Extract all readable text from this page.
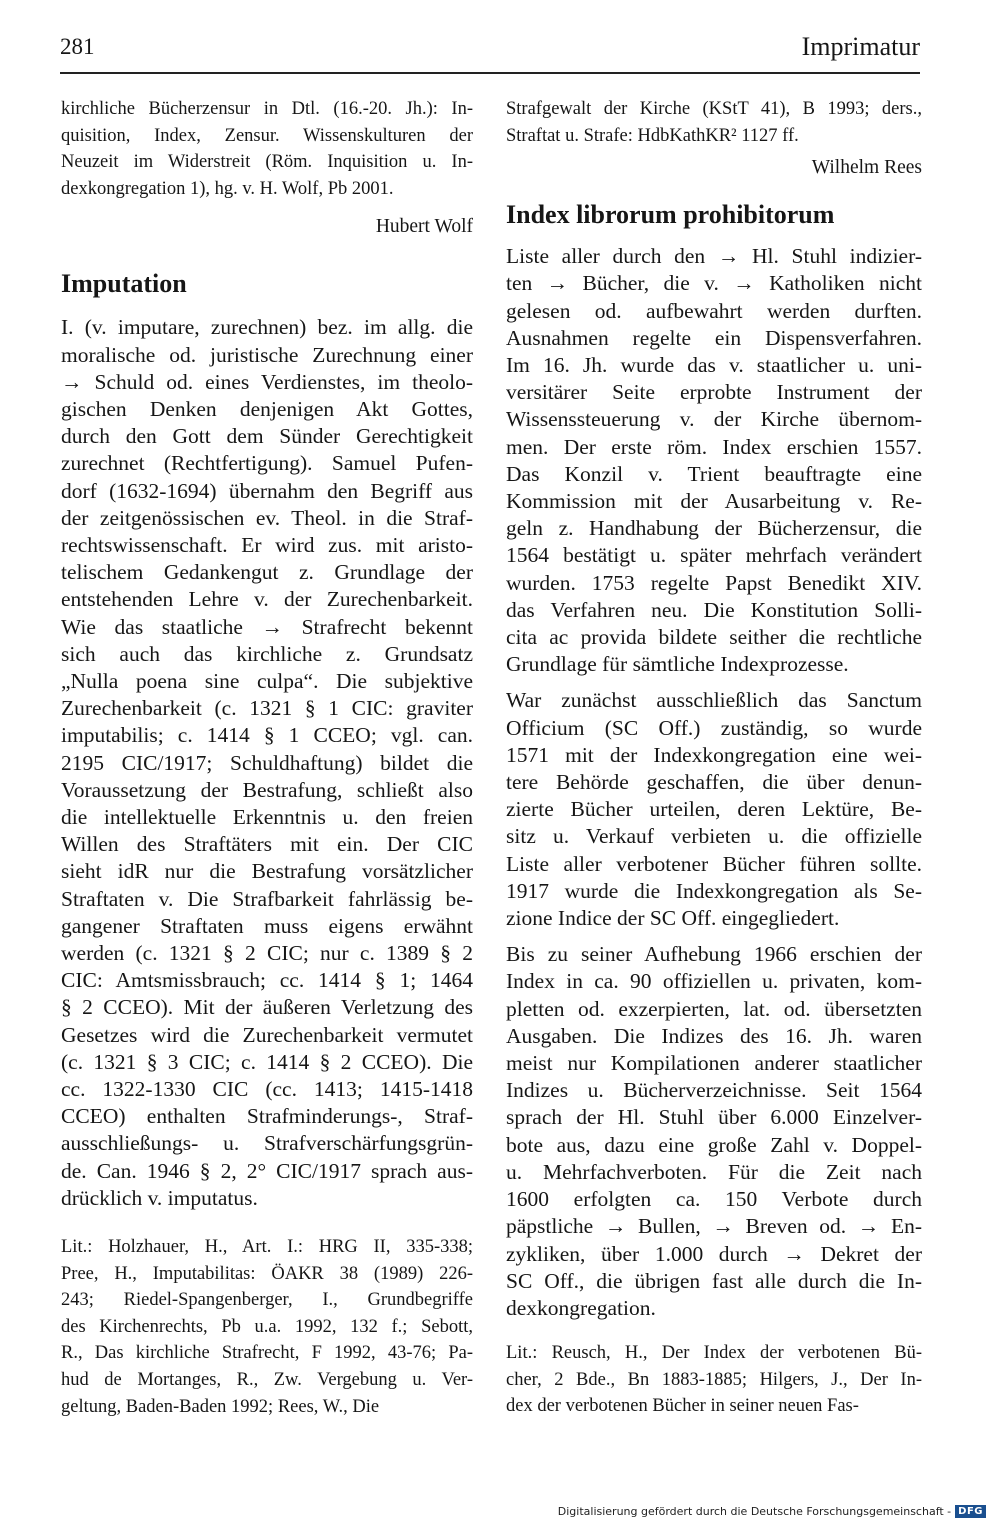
281	Imprimatur

kirchliche Bücherzensur in Dtl. (16.-20. Jh.): In-
quisition, Index, Zensur. Wissenskulturen der
Neuzeit im Widerstreit (Röm. Inquisition u. In-
dexkongregation 1), hg. v. H. Wolf, Pb 2001.

Hubert Wolf

Imputation

I. (v. imputare, zurechnen) bez. im allg. die
moralische od. juristische Zurechnung einer
→ Schuld od. eines Verdienstes, im theolo-
gischen Denken denjenigen Akt Gottes,
durch den Gott dem Sünder Gerechtigkeit
zurechnet (Rechtfertigung). Samuel Pufen-
dorf (1632-1694) übernahm den Begriff aus
der zeitgenössischen ev. Theol. in die Straf-
rechtswissenschaft. Er wird zus. mit aristo-
telischem Gedankengut z. Grundlage der
entstehenden Lehre v. der Zurechenbarkeit.
Wie das staatliche → Strafrecht bekennt
sich auch das kirchliche z. Grundsatz
„Nulla poena sine culpa“. Die subjektive
Zurechenbarkeit (c. 1321 § 1 CIC: graviter
imputabilis; c. 1414 § 1 CCEO; vgl. can.
2195 CIC/1917; Schuldhaftung) bildet die
Voraussetzung der Bestrafung, schließt also
die intellektuelle Erkenntnis u. den freien
Willen des Straftäters mit ein. Der CIC
sieht idR nur die Bestrafung vorsätzlicher
Straftaten v. Die Strafbarkeit fahrlässig be-
gangener Straftaten muss eigens erwähnt
werden (c. 1321 § 2 CIC; nur c. 1389 § 2
CIC: Amtsmissbrauch; cc. 1414 § 1; 1464
§ 2 CCEO). Mit der äußeren Verletzung des
Gesetzes wird die Zurechenbarkeit vermutet
(c. 1321 § 3 CIC; c. 1414 § 2 CCEO). Die
cc. 1322-1330 CIC (cc. 1413; 1415-1418
CCEO) enthalten Strafminderungs-, Straf-
ausschließungs- u. Strafverschärfungsgrün-
de. Can. 1946 § 2, 2° CIC/1917 sprach aus-
drücklich v. imputatus.

Lit.: Holzhauer, H., Art. I.: HRG II, 335-338;
Pree, H., Imputabilitas: ÖAKR 38 (1989) 226-
243; Riedel-Spangenberger, I., Grundbegriffe
des Kirchenrechts, Pb u.a. 1992, 132 f.; Sebott,
R., Das kirchliche Strafrecht, F 1992, 43-76; Pa-
hud de Mortanges, R., Zw. Vergebung u. Ver-
geltung, Baden-Baden 1992; Rees, W., Die

Strafgewalt der Kirche (KStT 41), B 1993; ders.,
Straftat u. Strafe: HdbKathKR² 1127 ff.

Wilhelm Rees

Index librorum prohibitorum

Liste aller durch den → Hl. Stuhl indizier-
ten → Bücher, die v. → Katholiken nicht
gelesen od. aufbewahrt werden durften.
Ausnahmen regelte ein Dispensverfahren.
Im 16. Jh. wurde das v. staatlicher u. uni-
versitärer Seite erprobte Instrument der
Wissenssteuerung v. der Kirche übernom-
men. Der erste röm. Index erschien 1557.
Das Konzil v. Trient beauftragte eine
Kommission mit der Ausarbeitung v. Re-
geln z. Handhabung der Bücherzensur, die
1564 bestätigt u. später mehrfach verändert
wurden. 1753 regelte Papst Benedikt XIV.
das Verfahren neu. Die Konstitution Solli-
cita ac provida bildete seither die rechtliche
Grundlage für sämtliche Indexprozesse.

War zunächst ausschließlich das Sanctum
Officium (SC Off.) zuständig, so wurde
1571 mit der Indexkongregation eine wei-
tere Behörde geschaffen, die über denun-
zierte Bücher urteilen, deren Lektüre, Be-
sitz u. Verkauf verbieten u. die offizielle
Liste aller verbotener Bücher führen sollte.
1917 wurde die Indexkongregation als Se-
zione Indice der SC Off. eingegliedert.

Bis zu seiner Aufhebung 1966 erschien der
Index in ca. 90 offiziellen u. privaten, kom-
pletten od. exzerpierten, lat. od. übersetzten
Ausgaben. Die Indizes des 16. Jh. waren
meist nur Kompilationen anderer staatlicher
Indizes u. Bücherverzeichnisse. Seit 1564
sprach der Hl. Stuhl über 6.000 Einzelver-
bote aus, dazu eine große Zahl v. Doppel-
u. Mehrfachverboten. Für die Zeit nach
1600 erfolgten ca. 150 Verbote durch
päpstliche → Bullen, → Breven od. → En-
zykliken, über 1.000 durch → Dekret der
SC Off., die übrigen fast alle durch die In-
dexkongregation.

Lit.: Reusch, H., Der Index der verbotenen Bü-
cher, 2 Bde., Bn 1883-1885; Hilgers, J., Der In-
dex der verbotenen Bücher in seiner neuen Fas-

Digitalisierung gefördert durch die Deutsche Forschungsgemeinschaft - DFG
